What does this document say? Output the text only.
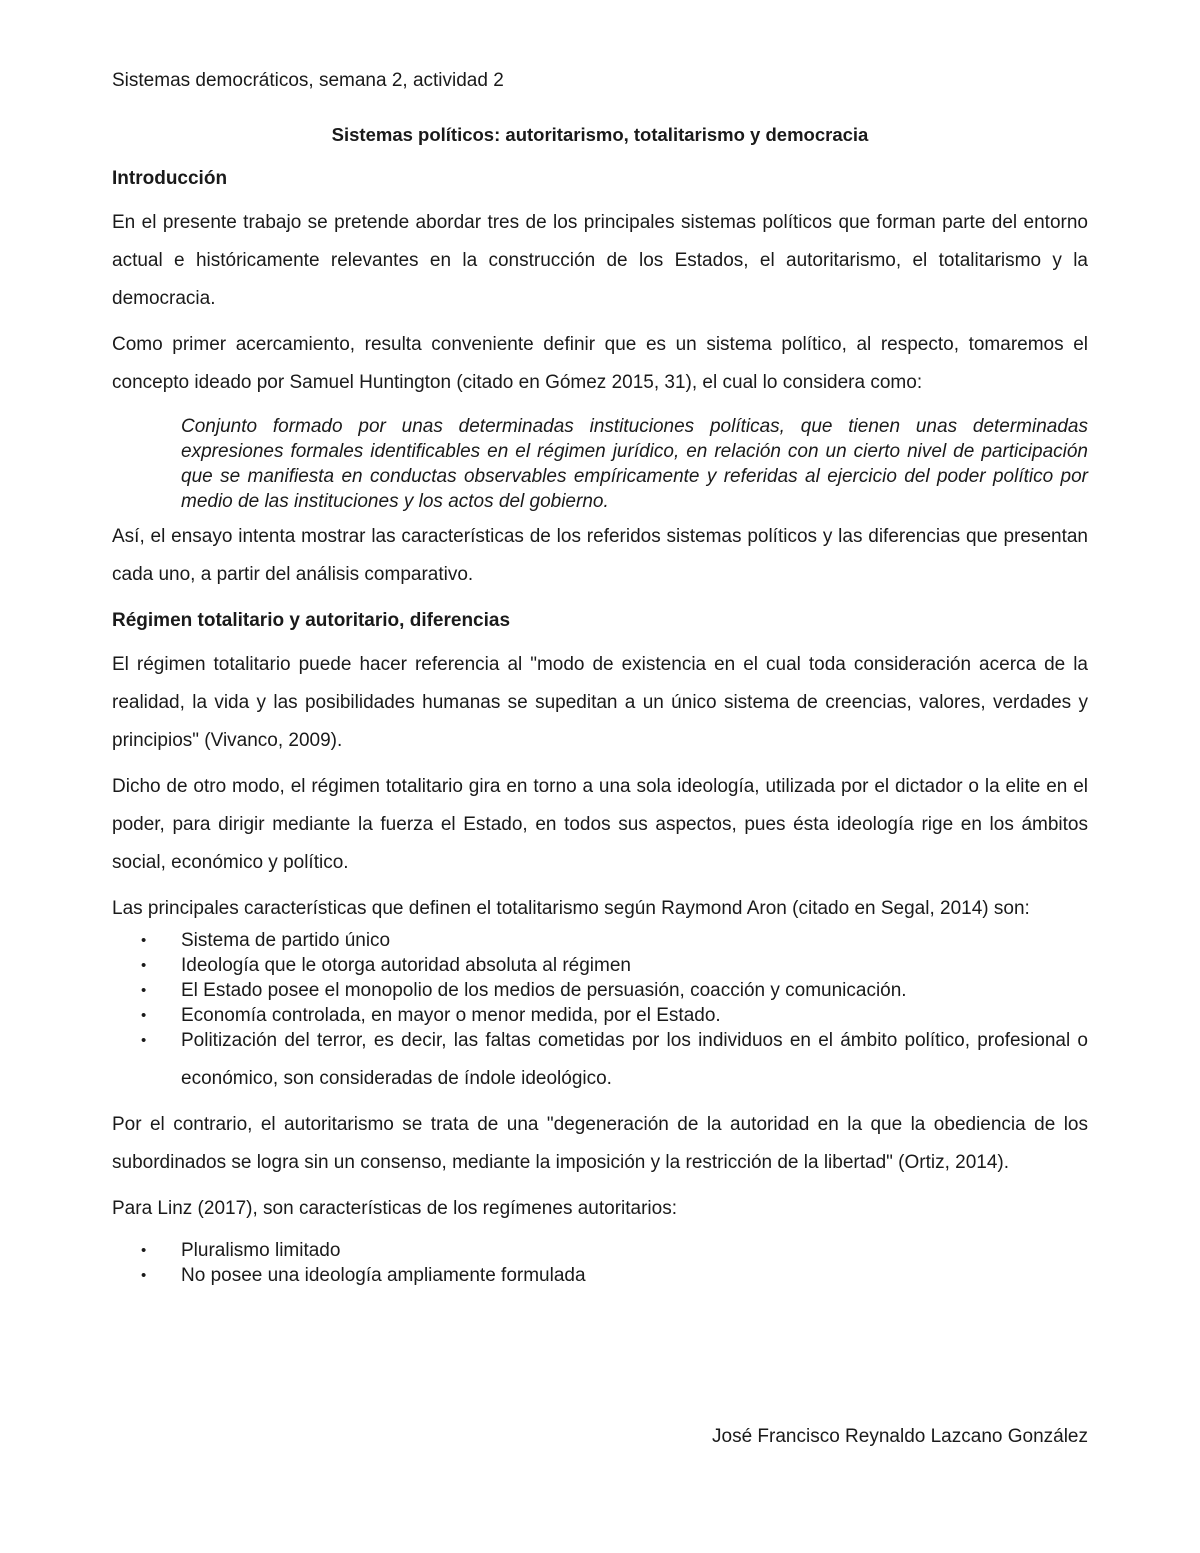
Sistemas democráticos, semana 2, actividad 2
Sistemas políticos: autoritarismo, totalitarismo y democracia
Introducción

En el presente trabajo se pretende abordar tres de los principales sistemas políticos que forman parte del entorno actual e históricamente relevantes en la construcción de los Estados, el autoritarismo, el totalitarismo y la democracia.

Como primer acercamiento, resulta conveniente definir que es un sistema político, al respecto, tomaremos el concepto ideado por Samuel Huntington (citado en Gómez 2015, 31), el cual lo considera como:

Conjunto formado por unas determinadas instituciones políticas, que tienen unas determinadas expresiones formales identificables en el régimen jurídico, en relación con un cierto nivel de participación que se manifiesta en conductas observables empíricamente y referidas al ejercicio del poder político por medio de las instituciones y los actos del gobierno.

Así, el ensayo intenta mostrar las características de los referidos sistemas políticos y las diferencias que presentan cada uno, a partir del análisis comparativo.

Régimen totalitario y autoritario, diferencias

El régimen totalitario puede hacer referencia al "modo de existencia en el cual toda consideración acerca de la realidad, la vida y las posibilidades humanas se supeditan a un único sistema de creencias, valores, verdades y principios" (Vivanco, 2009).

Dicho de otro modo, el régimen totalitario gira en torno a una sola ideología, utilizada por el dictador o la elite en el poder, para dirigir mediante la fuerza el Estado, en todos sus aspectos, pues ésta ideología rige en los ámbitos social, económico y político.

Las principales características que definen el totalitarismo según Raymond Aron (citado en Segal, 2014) son:

• Sistema de partido único
• Ideología que le otorga autoridad absoluta al régimen
• El Estado posee el monopolio de los medios de persuasión, coacción y comunicación.
• Economía controlada, en mayor o menor medida, por el Estado.
• Politización del terror, es decir, las faltas cometidas por los individuos en el ámbito político, profesional o económico, son consideradas de índole ideológico.

Por el contrario, el autoritarismo se trata de una "degeneración de la autoridad en la que la obediencia de los subordinados se logra sin un consenso, mediante la imposición y la restricción de la libertad" (Ortiz, 2014).

Para Linz (2017), son características de los regímenes autoritarios:

• Pluralismo limitado
• No posee una ideología ampliamente formulada
José Francisco Reynaldo Lazcano González
